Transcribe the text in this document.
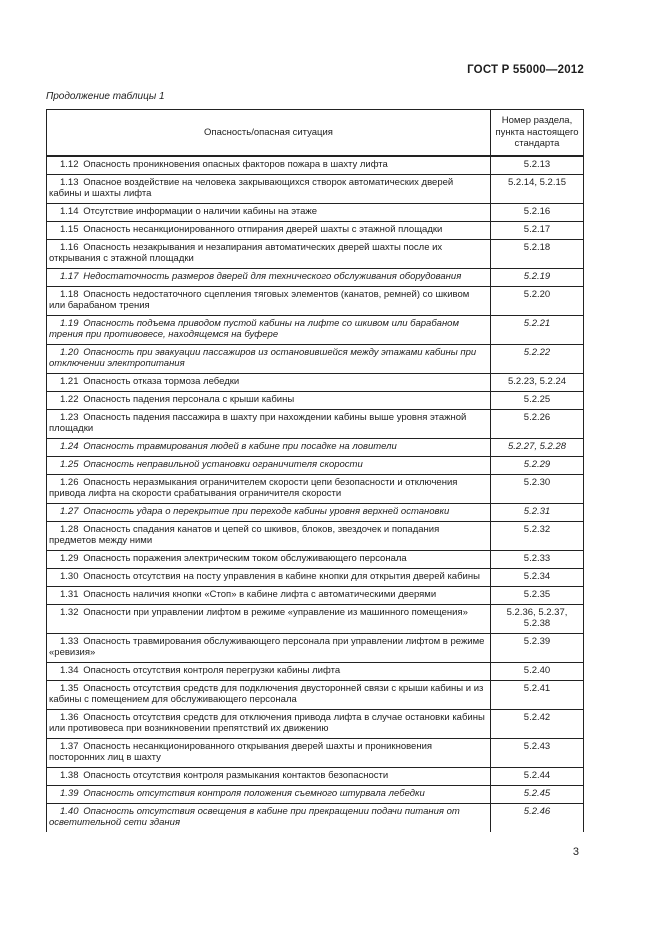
ГОСТ Р 55000—2012

Продолжение таблицы 1

Опасность/опасная ситуация	Номер раздела, пункта настоящего стандарта
1.12 Опасность проникновения опасных факторов пожара в шахту лифта	5.2.13
1.13 Опасное воздействие на человека закрывающихся створок автоматических дверей кабины и шахты лифта	5.2.14, 5.2.15
1.14 Отсутствие информации о наличии кабины на этаже	5.2.16
1.15 Опасность несанкционированного отпирания дверей шахты с этажной площадки	5.2.17
1.16 Опасность незакрывания и незапирания автоматических дверей шахты после их открывания с этажной площадки	5.2.18
1.17 Недостаточность размеров дверей для технического обслуживания оборудования	5.2.19
1.18 Опасность недостаточного сцепления тяговых элементов (канатов, ремней) со шкивом или барабаном трения	5.2.20
1.19 Опасность подъема приводом пустой кабины на лифте со шкивом или барабаном трения при противовесе, находящемся на буфере	5.2.21
1.20 Опасность при эвакуации пассажиров из остановившейся между этажами кабины при отключении электропитания	5.2.22
1.21 Опасность отказа тормоза лебедки	5.2.23, 5.2.24
1.22 Опасность падения персонала с крыши кабины	5.2.25
1.23 Опасность падения пассажира в шахту при нахождении кабины выше уровня этажной площадки	5.2.26
1.24 Опасность травмирования людей в кабине при посадке на ловители	5.2.27, 5.2.28
1.25 Опасность неправильной установки ограничителя скорости	5.2.29
1.26 Опасность неразмыкания ограничителем скорости цепи безопасности и отключения привода лифта на скорости срабатывания ограничителя скорости	5.2.30
1.27 Опасность удара о перекрытие при переходе кабины уровня верхней остановки	5.2.31
1.28 Опасность спадания канатов и цепей со шкивов, блоков, звездочек и попадания предметов между ними	5.2.32
1.29 Опасность поражения электрическим током обслуживающего персонала	5.2.33
1.30 Опасность отсутствия на посту управления в кабине кнопки для открытия дверей кабины	5.2.34
1.31 Опасность наличия кнопки «Стоп» в кабине лифта с автоматическими дверями	5.2.35
1.32 Опасности при управлении лифтом в режиме «управление из машинного помещения»	5.2.36, 5.2.37, 5.2.38
1.33 Опасность травмирования обслуживающего персонала при управлении лифтом в режиме «ревизия»	5.2.39
1.34 Опасность отсутствия контроля перегрузки кабины лифта	5.2.40
1.35 Опасность отсутствия средств для подключения двусторонней связи с крыши кабины и из кабины с помещением для обслуживающего персонала	5.2.41
1.36 Опасность отсутствия средств для отключения привода лифта в случае остановки кабины или противовеса при возникновении препятствий их движению	5.2.42
1.37 Опасность несанкционированного открывания дверей шахты и проникновения посторонних лиц в шахту	5.2.43
1.38 Опасность отсутствия контроля размыкания контактов безопасности	5.2.44
1.39 Опасность отсутствия контроля положения съемного штурвала лебедки	5.2.45
1.40 Опасность отсутствия освещения в кабине при прекращении подачи питания от осветительной сети здания	5.2.46
3
